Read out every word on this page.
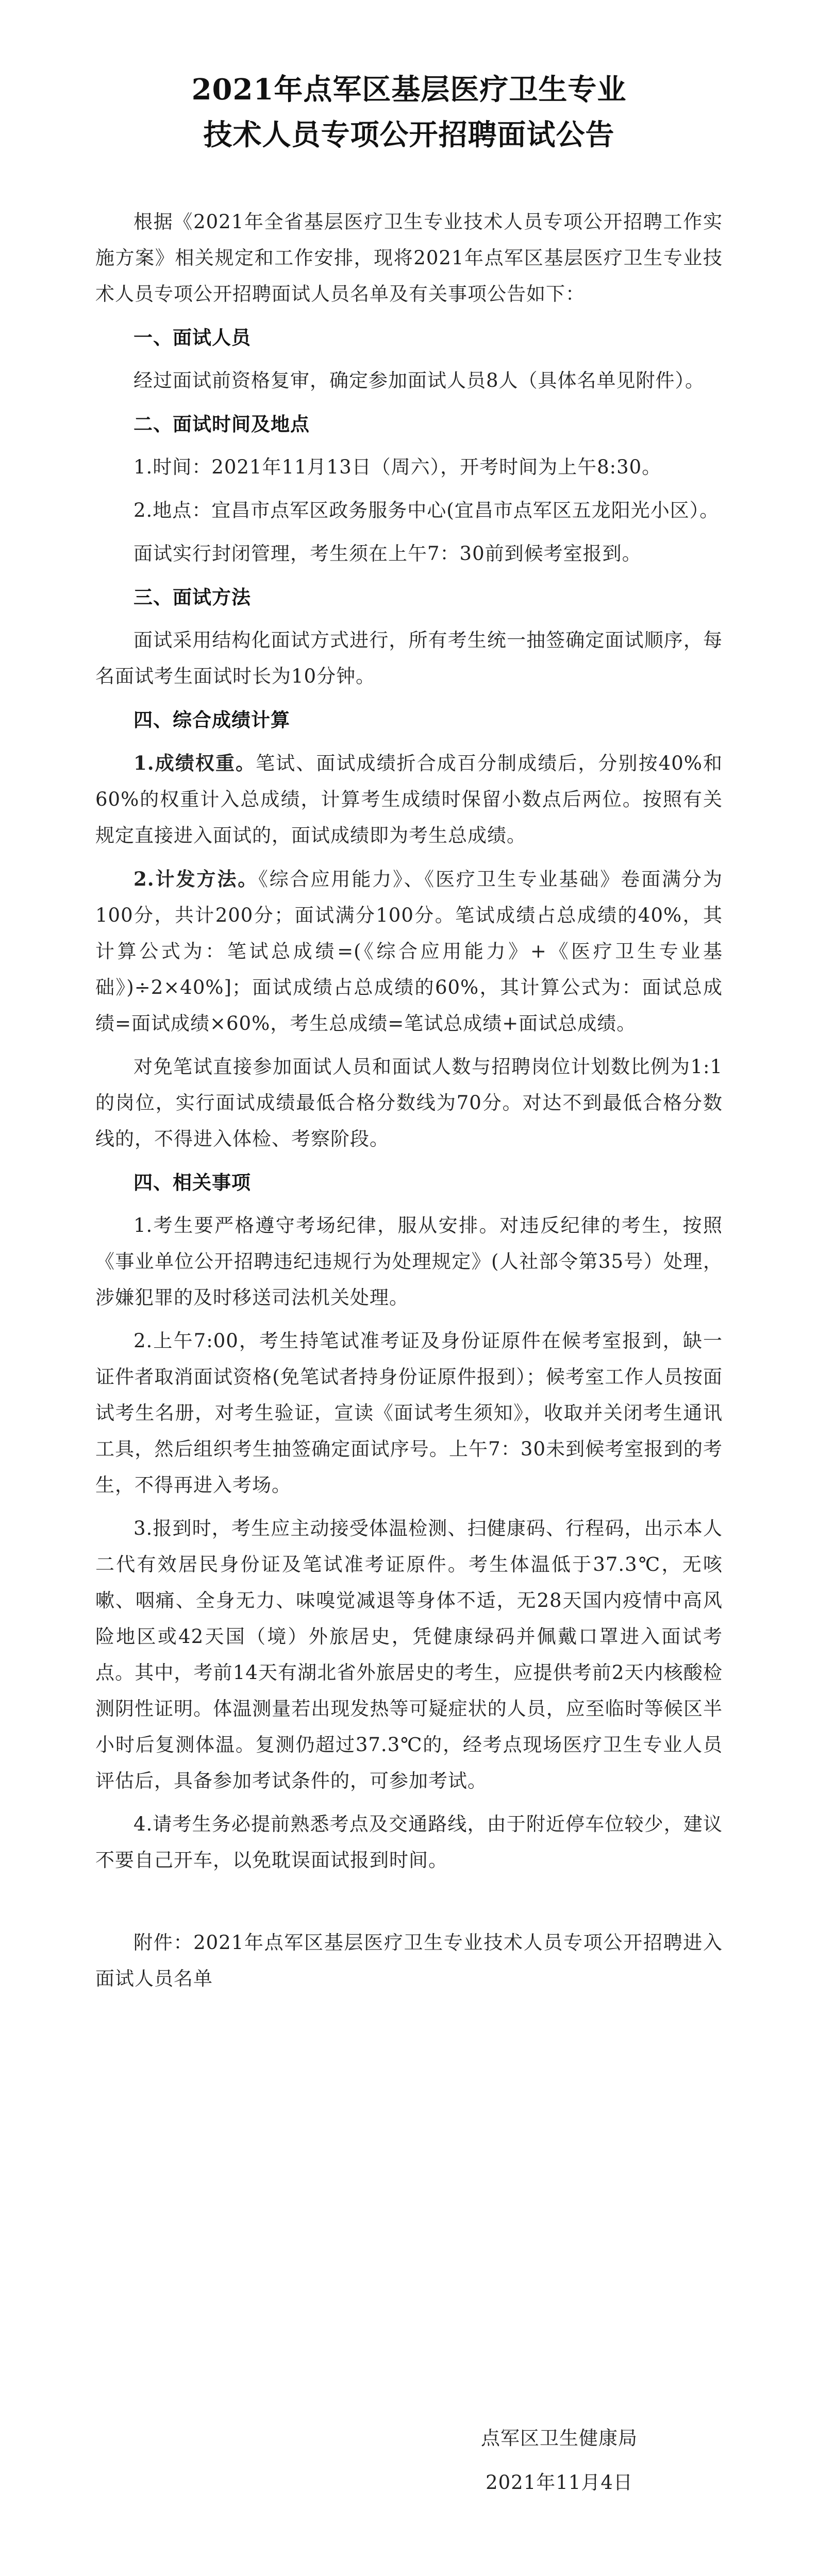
2021年点军区基层医疗卫生专业
技术人员专项公开招聘面试公告

根据《2021年全省基层医疗卫生专业技术人员专项公开招聘工作实施方案》相关规定和工作安排，现将2021年点军区基层医疗卫生专业技术人员专项公开招聘面试人员名单及有关事项公告如下：

一、面试人员

经过面试前资格复审，确定参加面试人员8人（具体名单见附件）。

二、面试时间及地点

1.时间：2021年11月13日（周六），开考时间为上午8:30。

2.地点：宜昌市点军区政务服务中心(宜昌市点军区五龙阳光小区）。

面试实行封闭管理，考生须在上午7：30前到候考室报到。

三、面试方法

面试采用结构化面试方式进行，所有考生统一抽签确定面试顺序，每名面试考生面试时长为10分钟。

四、综合成绩计算

1.成绩权重。笔试、面试成绩折合成百分制成绩后，分别按40%和60%的权重计入总成绩，计算考生成绩时保留小数点后两位。按照有关规定直接进入面试的，面试成绩即为考生总成绩。

2.计发方法。《综合应用能力》、《医疗卫生专业基础》卷面满分为100分，共计200分；面试满分100分。笔试成绩占总成绩的40%，其计算公式为：笔试总成绩=(《综合应用能力》+《医疗卫生专业基础》)÷2×40%]；面试成绩占总成绩的60%，其计算公式为：面试总成绩=面试成绩×60%，考生总成绩=笔试总成绩+面试总成绩。

对免笔试直接参加面试人员和面试人数与招聘岗位计划数比例为1:1的岗位，实行面试成绩最低合格分数线为70分。对达不到最低合格分数线的，不得进入体检、考察阶段。

四、相关事项

1.考生要严格遵守考场纪律，服从安排。对违反纪律的考生，按照《事业单位公开招聘违纪违规行为处理规定》(人社部令第35号）处理，涉嫌犯罪的及时移送司法机关处理。

2.上午7:00，考生持笔试准考证及身份证原件在候考室报到，缺一证件者取消面试资格(免笔试者持身份证原件报到）；候考室工作人员按面试考生名册，对考生验证，宣读《面试考生须知》，收取并关闭考生通讯工具，然后组织考生抽签确定面试序号。上午7：30未到候考室报到的考生，不得再进入考场。

3.报到时，考生应主动接受体温检测、扫健康码、行程码，出示本人二代有效居民身份证及笔试准考证原件。考生体温低于37.3℃，无咳嗽、咽痛、全身无力、味嗅觉减退等身体不适，无28天国内疫情中高风险地区或42天国（境）外旅居史，凭健康绿码并佩戴口罩进入面试考点。其中，考前14天有湖北省外旅居史的考生，应提供考前2天内核酸检测阴性证明。体温测量若出现发热等可疑症状的人员，应至临时等候区半小时后复测体温。复测仍超过37.3℃的，经考点现场医疗卫生专业人员评估后，具备参加考试条件的，可参加考试。

4.请考生务必提前熟悉考点及交通路线，由于附近停车位较少，建议不要自己开车，以免耽误面试报到时间。

附件：2021年点军区基层医疗卫生专业技术人员专项公开招聘进入面试人员名单

点军区卫生健康局
2021年11月4日
